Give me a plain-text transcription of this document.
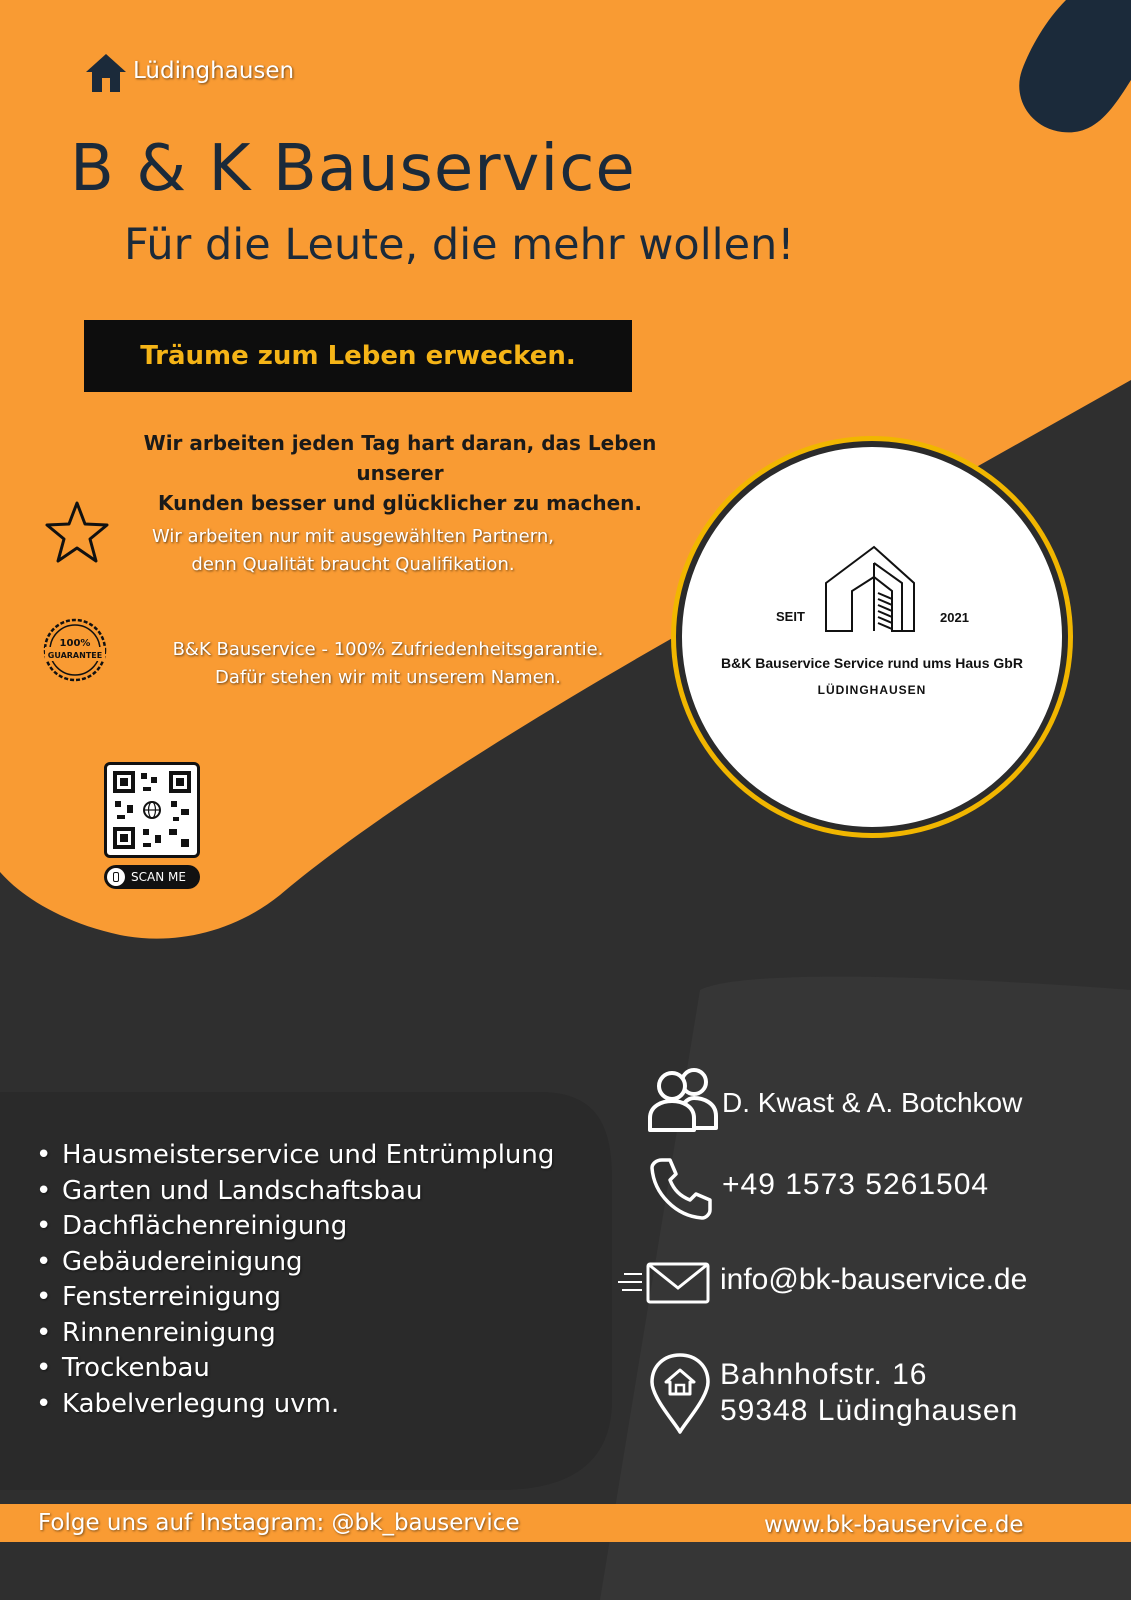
Lüdinghausen
B & K Bauservice
Für die Leute, die mehr wollen!
Träume zum Leben erwecken.
Wir arbeiten jeden Tag hart daran, das Leben unserer
Kunden besser und glücklicher zu machen.
Wir arbeiten nur mit ausgewählten Partnern,
denn Qualität braucht Qualifikation.
100%
GUARANTEE	B&K Bauservice - 100% Zufriedenheitsgarantie.
Dafür stehen wir mit unserem Namen.
SCAN ME
SEIT	2021
B&K Bauservice Service rund ums Haus GbR
LÜDINGHAUSEN
• Hausmeisterservice und Entrümplung
• Garten und Landschaftsbau
• Dachflächenreinigung
• Gebäudereinigung
• Fensterreinigung
• Rinnenreinigung
• Trockenbau
• Kabelverlegung uvm.
D. Kwast & A. Botchkow
+49 1573 5261504
info@bk-bauservice.de
Bahnhofstr. 16
59348 Lüdinghausen
Folge uns auf Instagram: @bk_bauservice	www.bk-bauservice.de
